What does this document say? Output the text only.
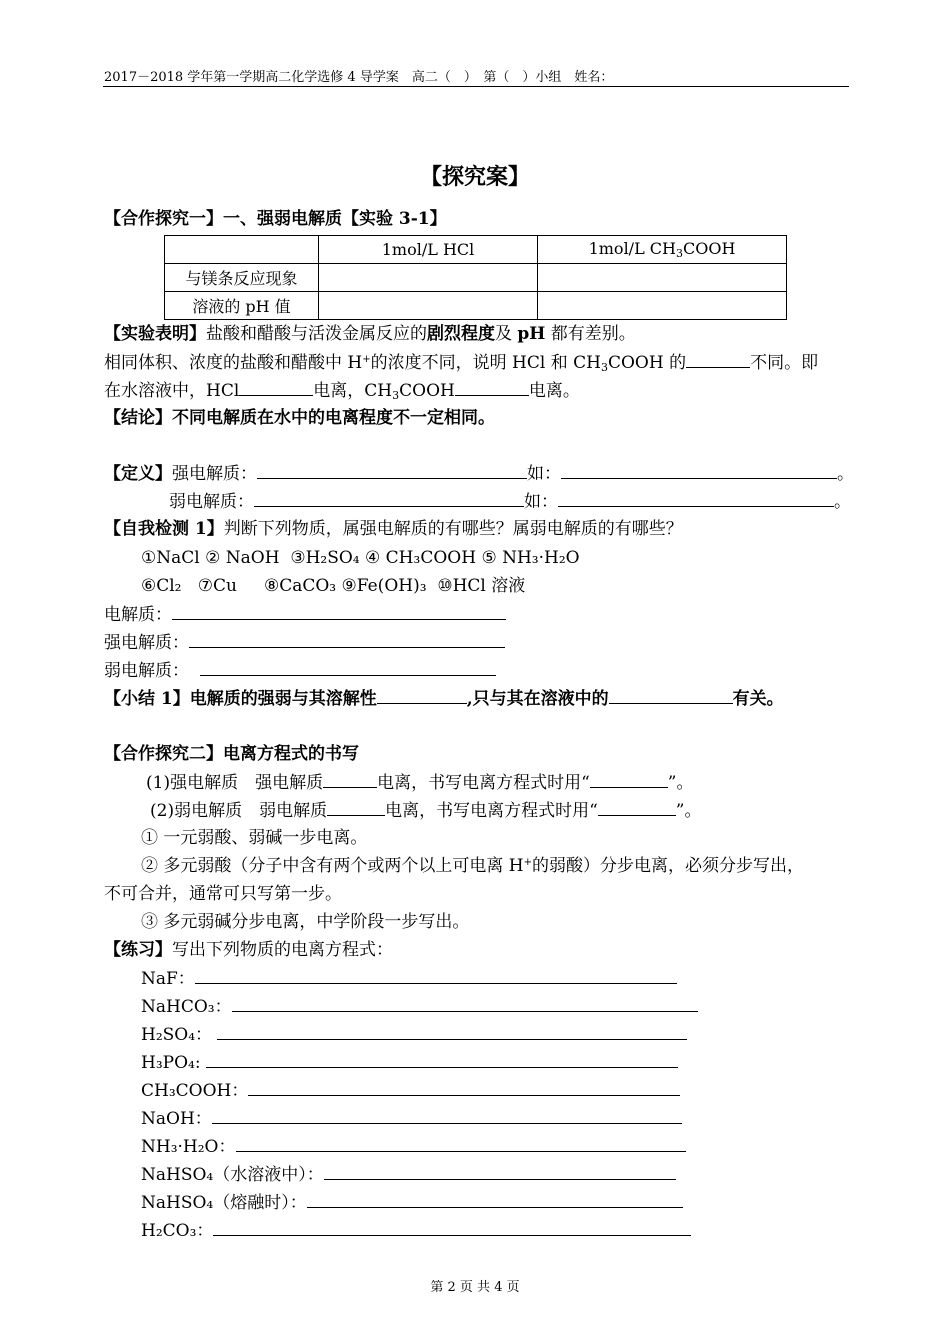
2017－2018 学年第一学期高二化学选修 4 导学案　高二（　）　第（　）小组　姓名：
【探究案】
【合作探究一】一、强弱电解质【实验 3-1】
	1mol/L HCl	1mol/L $CH_3COOH$
与镁条反应现象		
溶液的 pH 值		
【实验表明】盐酸和醋酸与活泼金属反应的剧烈程度及 pH 都有差别。
相同体积、浓度的盐酸和醋酸中 H+的浓度不同，说明 HCl 和 $CH_3COOH$ 的	不同。即
在水溶液中，HCl	电离，$CH_3COOH$	电离。
【结论】不同电解质在水中的电离程度不一定相同。
【定义】强电解质：	如：	。
弱电解质：	如：	。
【自我检测 1】判断下列物质，属强电解质的有哪些？属弱电解质的有哪些？
①NaCl ② NaOH ③H₂SO₄ ④ CH₃COOH ⑤ NH₃·H₂O
⑥Cl₂ ⑦Cu ⑧CaCO₃ ⑨Fe(OH)₃ ⑩HCl 溶液
电解质：
强电解质：
弱电解质：
【小结 1】电解质的强弱与其溶解性	,只与其在溶液中的	有关。
【合作探究二】电离方程式的书写
(1)强电解质　强电解质	电离，书写电离方程式时用“	”。
(2)弱电解质　弱电解质	电离，书写电离方程式时用“	”。
① 一元弱酸、弱碱一步电离。
② 多元弱酸（分子中含有两个或两个以上可电离 H+的弱酸）分步电离，必须分步写出，
不可合并，通常可只写第一步。
③ 多元弱碱分步电离，中学阶段一步写出。
【练习】写出下列物质的电离方程式：
NaF：
NaHCO₃：
H₂SO₄：
H₃PO₄:
CH₃COOH：
NaOH：
NH₃·H₂O：
NaHSO₄（水溶液中）：
NaHSO₄（熔融时）：
H₂CO₃：
第 2 页 共 4 页
